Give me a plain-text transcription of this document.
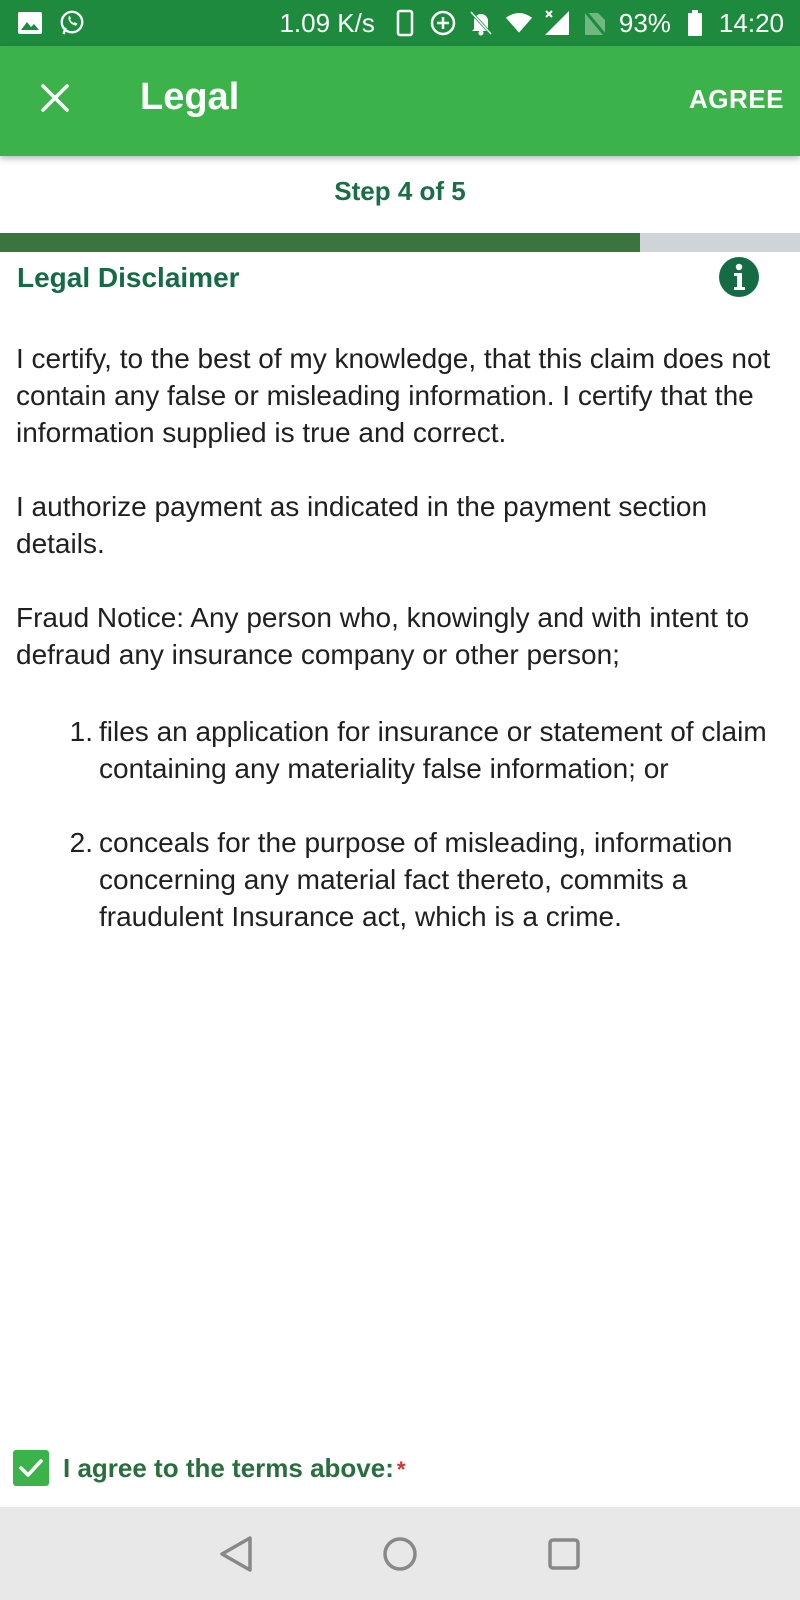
1.09 K/s	93% 14:20
Legal	AGREE
Step 4 of 5
Legal Disclaimer

I certify, to the best of my knowledge, that this claim does not contain any false or misleading information. I certify that the information supplied is true and correct.

I authorize payment as indicated in the payment section details.

Fraud Notice: Any person who, knowingly and with intent to defraud any insurance company or other person;

1. files an application for insurance or statement of claim containing any materiality false information; or
2. conceals for the purpose of misleading, information concerning any material fact thereto, commits a fraudulent Insurance act, which is a crime.
I agree to the terms above: *
